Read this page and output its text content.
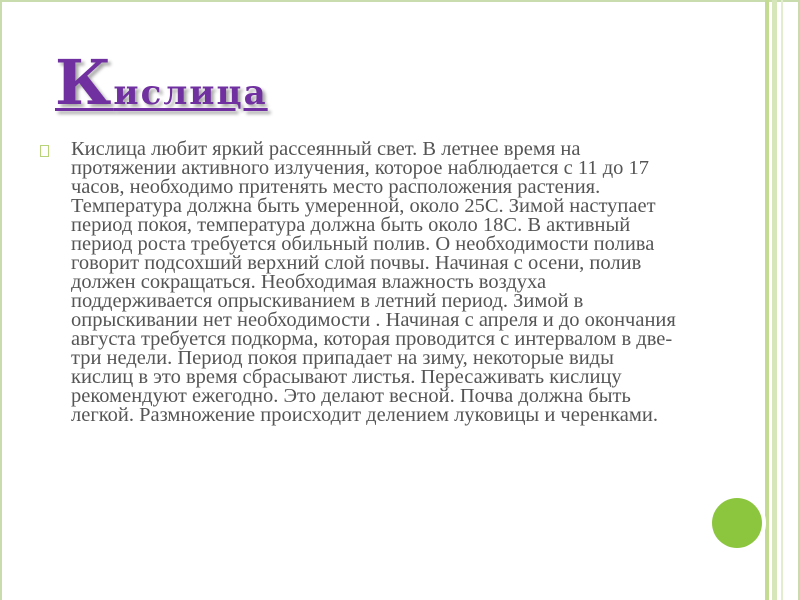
Кислица
Кислица любит яркий рассеянный свет. В летнее время на протяжении активного излучения, которое наблюдается с 11 до 17 часов, необходимо притенять место расположения растения. Температура должна быть умеренной, около 25С. Зимой наступает период покоя, температура должна быть около 18С. В активный период роста требуется обильный полив. О необходимости полива говорит подсохший верхний слой почвы. Начиная с осени, полив должен сокращаться. Необходимая влажность воздуха поддерживается опрыскиванием в летний период. Зимой в опрыскивании нет необходимости . Начиная с апреля и до окончания августа требуется подкорма, которая проводится с интервалом в две-три недели. Период покоя припадает на зиму, некоторые виды кислиц в это время сбрасывают листья. Пересаживать кислицу рекомендуют ежегодно. Это делают весной. Почва должна быть легкой. Размножение происходит делением луковицы и черенками.
